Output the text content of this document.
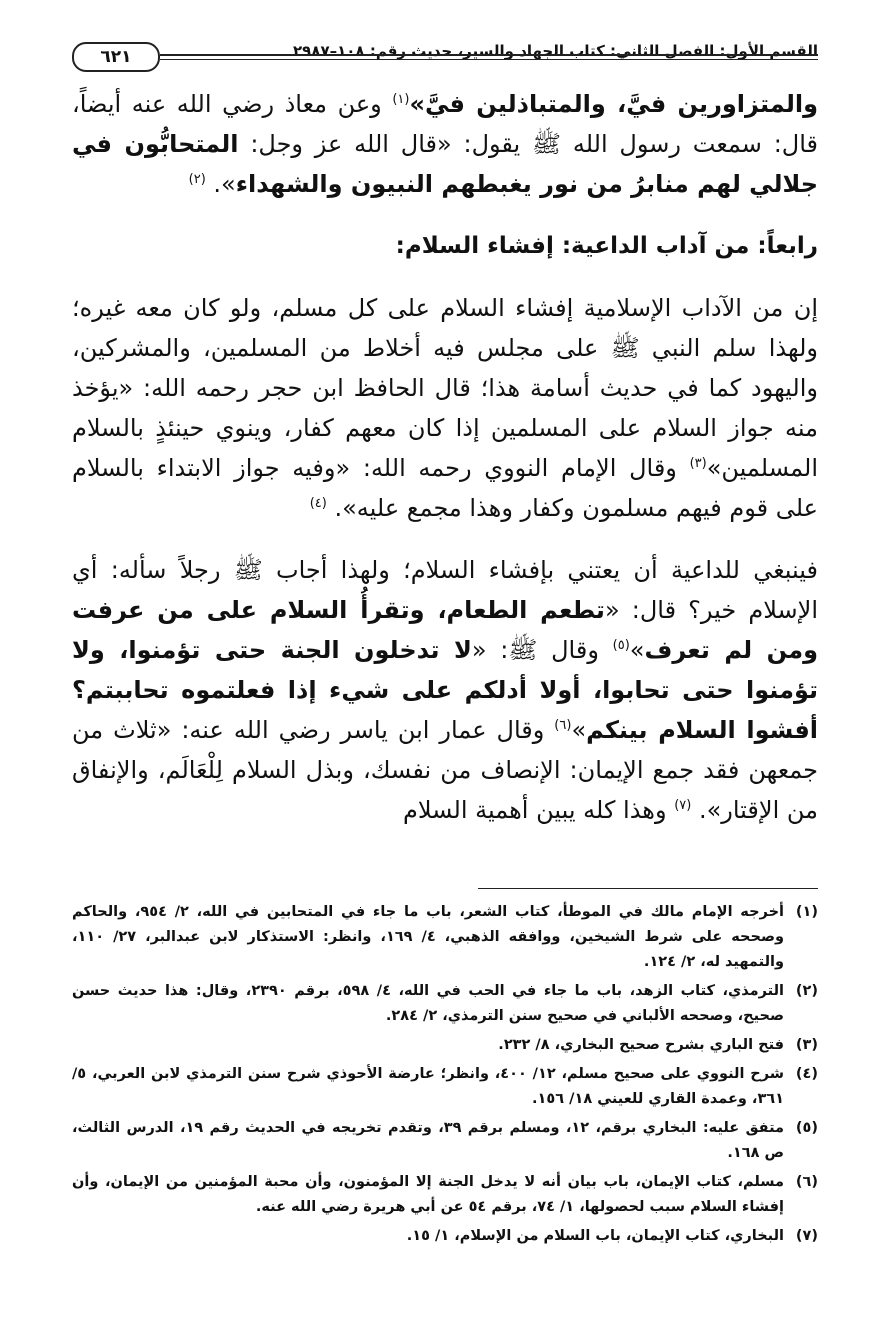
القسم الأول: الفصل الثاني: كتاب الجهاد والسير، حديث رقم: ١٠٨–٢٩٨٧
٦٢١

والمتزاورين فيَّ، والمتباذلين فيَّ»$^{(١)}$ وعن معاذ رضي الله عنه أيضاً، قال: سمعت رسول الله ﷺ يقول: «قال الله عز وجل: المتحابُّون في جلالي لهم منابرُ من نور يغبطهم النبيون والشهداء». $^{(٢)}$

رابعاً: من آداب الداعية: إفشاء السلام:

إن من الآداب الإسلامية إفشاء السلام على كل مسلم، ولو كان معه غيره؛ ولهذا سلم النبي ﷺ على مجلس فيه أخلاط من المسلمين، والمشركين، واليهود كما في حديث أسامة هذا؛ قال الحافظ ابن حجر رحمه الله: «يؤخذ منه جواز السلام على المسلمين إذا كان معهم كفار، وينوي حينئذٍ بالسلام المسلمين»$^{(٣)}$ وقال الإمام النووي رحمه الله: «وفيه جواز الابتداء بالسلام على قوم فيهم مسلمون وكفار وهذا مجمع عليه». $^{(٤)}$

فينبغي للداعية أن يعتني بإفشاء السلام؛ ولهذا أجاب ﷺ رجلاً سأله: أي الإسلام خير؟ قال: «تطعم الطعام، وتقرأُ السلام على من عرفت ومن لم تعرف»$^{(٥)}$ وقال ﷺ: «لا تدخلون الجنة حتى تؤمنوا، ولا تؤمنوا حتى تحابوا، أولا أدلكم على شيء إذا فعلتموه تحاببتم؟ أفشوا السلام بينكم»$^{(٦)}$ وقال عمار ابن ياسر رضي الله عنه: «ثلاث من جمعهن فقد جمع الإيمان: الإنصاف من نفسك، وبذل السلام لِلْعَالَم، والإنفاق من الإقتار». $^{(٧)}$ وهذا كله يبين أهمية السلام

(١)
أخرجه الإمام مالك في الموطأ، كتاب الشعر، باب ما جاء في المتحابين في الله، ٢/ ٩٥٤، والحاكم وصححه على شرط الشيخين، ووافقه الذهبي، ٤/ ١٦٩، وانظر: الاستذكار لابن عبدالبر، ٢٧/ ١١٠، والتمهيد له، ٢/ ١٢٤.
(٢)
الترمذي، كتاب الزهد، باب ما جاء في الحب في الله، ٤/ ٥٩٨، برقم ٢٣٩٠، وقال: هذا حديث حسن صحيح، وصححه الألباني في صحيح سنن الترمذي، ٢/ ٢٨٤.
(٣)
فتح الباري بشرح صحيح البخاري، ٨/ ٢٣٢.
(٤)
شرح النووي على صحيح مسلم، ١٢/ ٤٠٠، وانظر؛ عارضة الأحوذي شرح سنن الترمذي لابن العربي، ٥/ ٣٦١، وعمدة القاري للعيني ١٨/ ١٥٦.
(٥)
متفق عليه: البخاري برقم، ١٢، ومسلم برقم ٣٩، وتقدم تخريجه في الحديث رقم ١٩، الدرس الثالث، ص ١٦٨.
(٦)
مسلم، كتاب الإيمان، باب بيان أنه لا يدخل الجنة إلا المؤمنون، وأن محبة المؤمنين من الإيمان، وأن إفشاء السلام سبب لحصولها، ١/ ٧٤، برقم ٥٤ عن أبي هريرة رضي الله عنه.
(٧)
البخاري، كتاب الإيمان، باب السلام من الإسلام، ١/ ١٥.
